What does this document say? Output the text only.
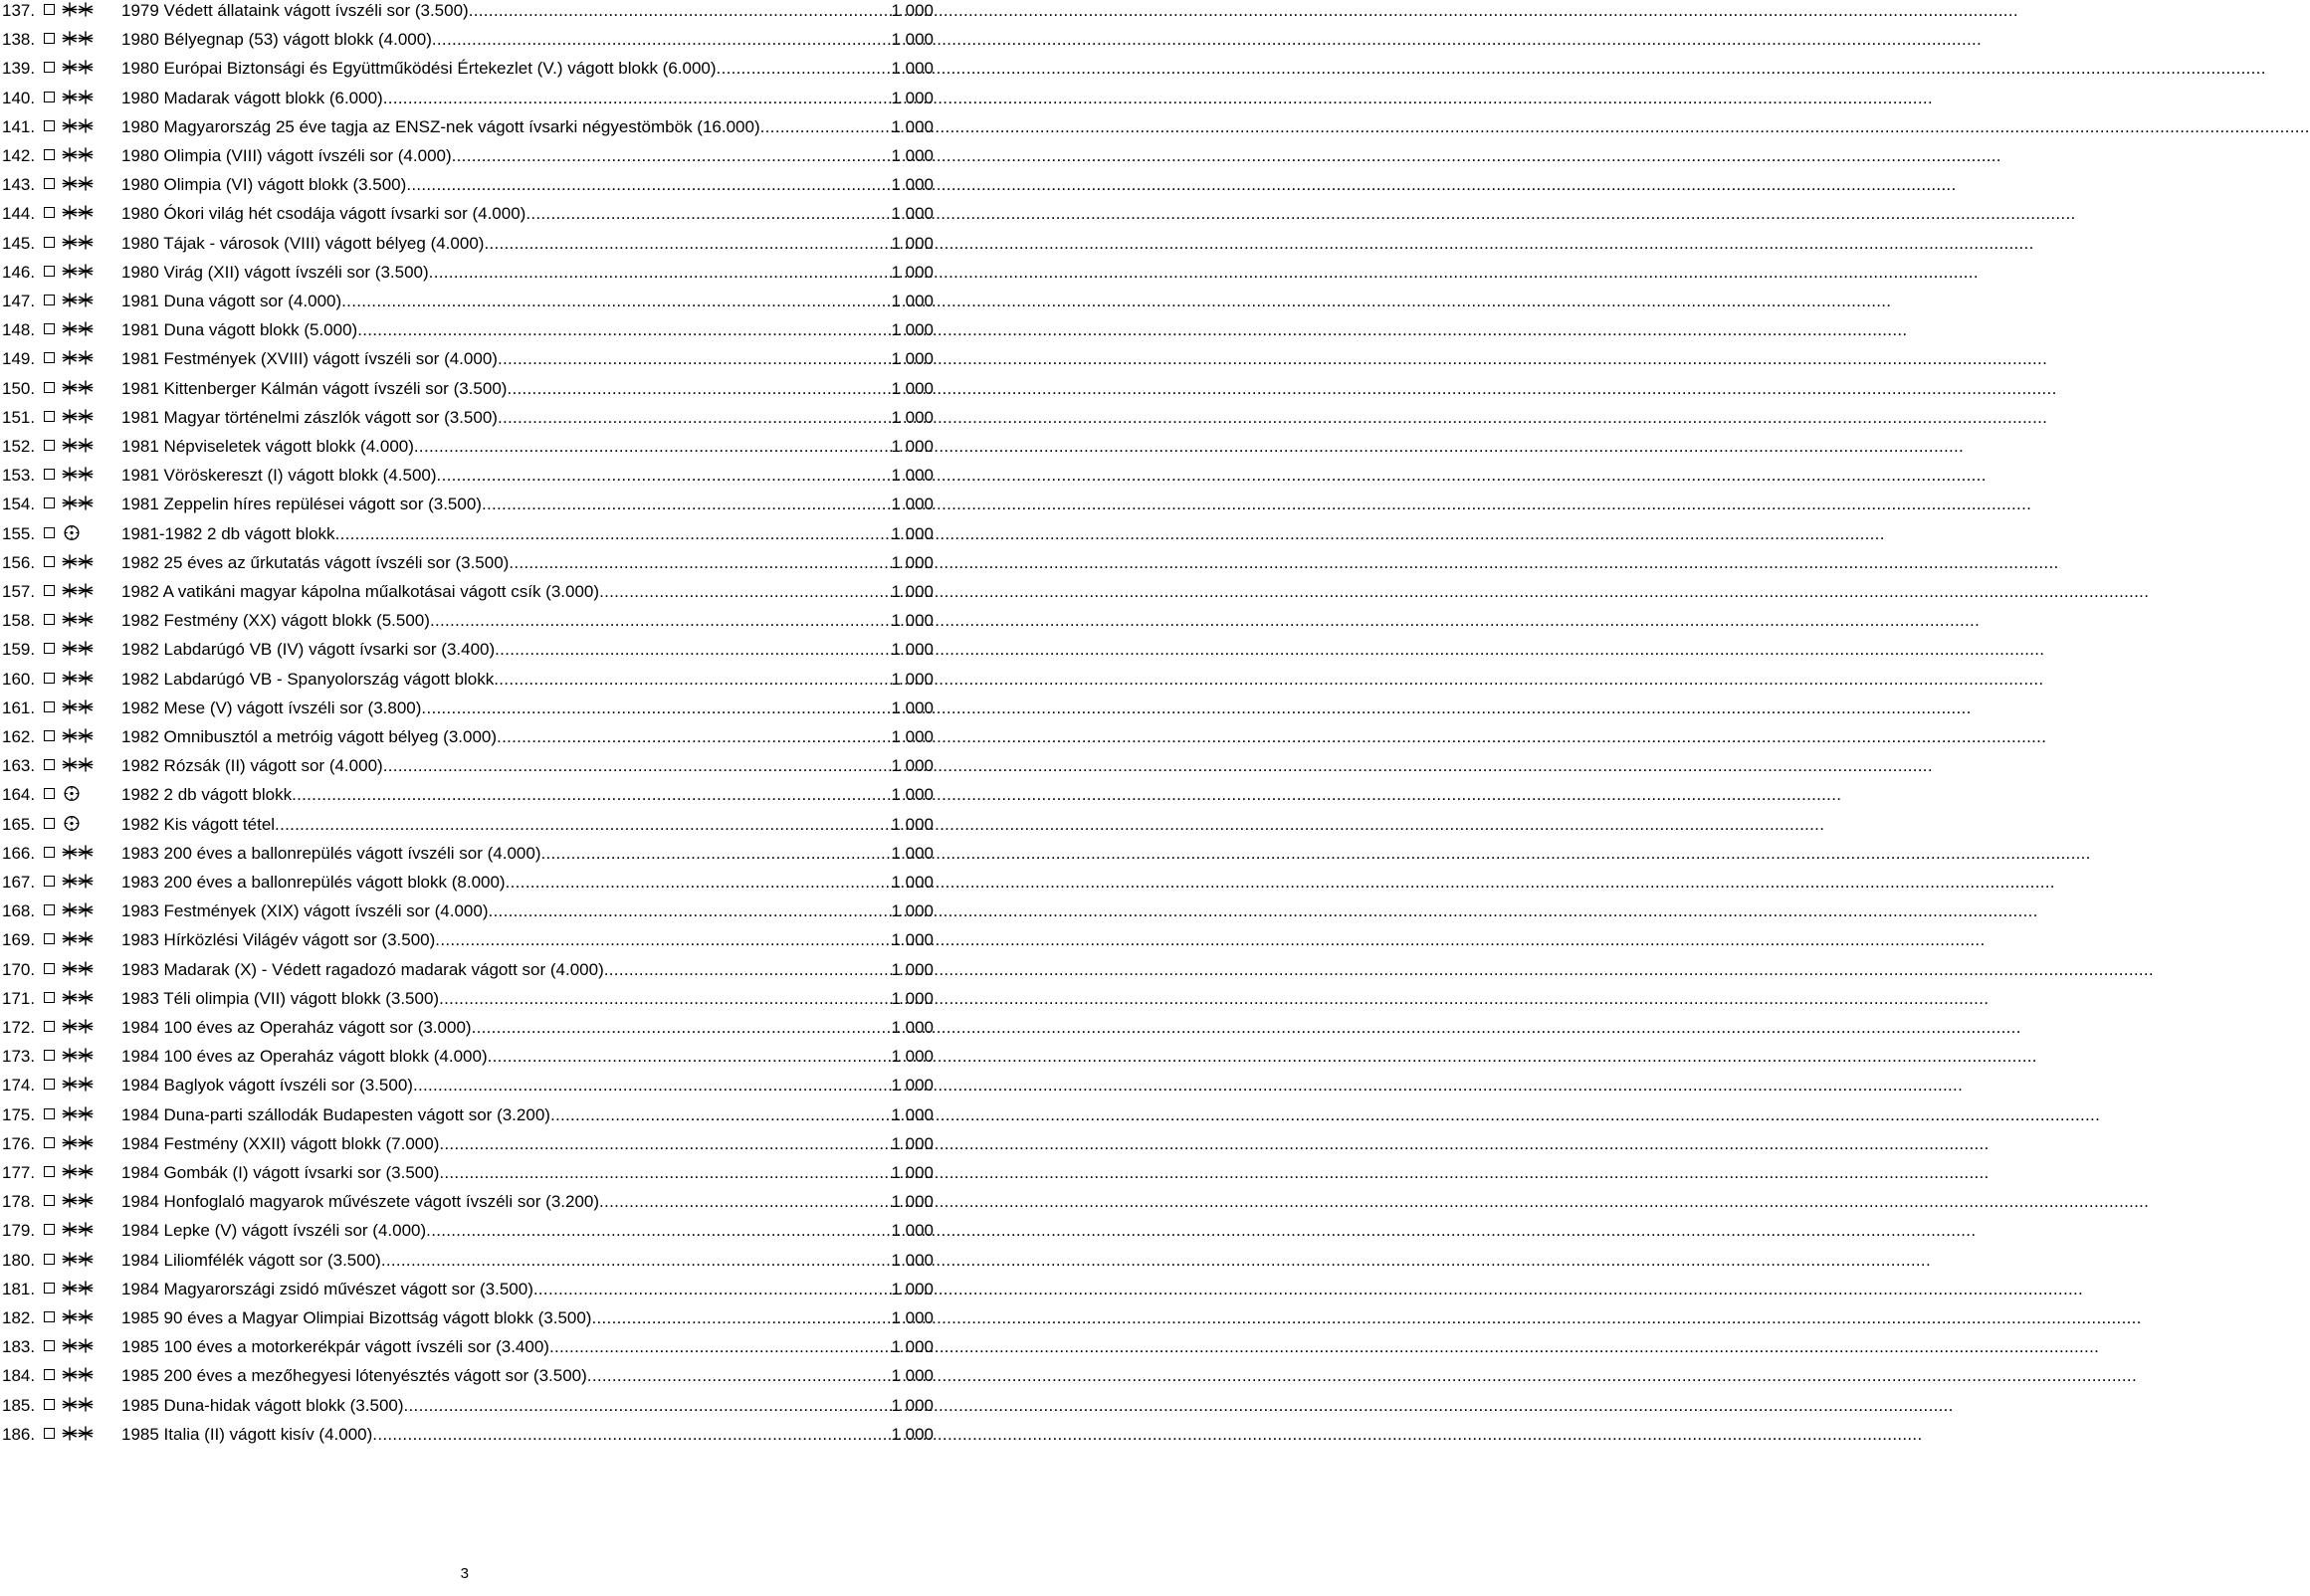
137.	1979 Védett állataink vágott ívszéli sor (3.500) .....	1 000
138.	1980 Bélyegnap (53) vágott blokk (4.000) .....	1 000
139.	1980 Európai Biztonsági és Együttműködési Értekezlet (V.) vágott blokk (6.000) .....	1 000
140.	1980 Madarak vágott blokk (6.000) .....	1 000
141.	1980 Magyarország 25 éve tagja az ENSZ-nek vágott ívsarki négyestömbök (16.000) .....	1 000
142.	1980 Olimpia (VIII) vágott ívszéli sor (4.000) .....	1 000
143.	1980 Olimpia (VI) vágott blokk (3.500) .....	1 000
144.	1980 Ókori világ hét csodája vágott ívsarki sor (4.000) .....	1 000
145.	1980 Tájak - városok (VIII) vágott bélyeg (4.000) .....	1 000
146.	1980 Virág (XII) vágott ívszéli sor (3.500) .....	1 000
147.	1981 Duna vágott sor (4.000) .....	1 000
148.	1981 Duna vágott blokk (5.000) .....	1 000
149.	1981 Festmények (XVIII) vágott ívszéli sor (4.000) .....	1 000
150.	1981 Kittenberger Kálmán vágott ívszéli sor (3.500) .....	1 000
151.	1981 Magyar történelmi zászlók vágott sor (3.500) .....	1 000
152.	1981 Népviseletek vágott blokk (4.000) .....	1 000
153.	1981 Vöröskereszt (I) vágott blokk (4.500) .....	1 000
154.	1981 Zeppelin híres repülései vágott sor (3.500) .....	1 000
155.	1981-1982 2 db vágott blokk .....	1 000
156.	1982 25 éves az űrkutatás vágott ívszéli sor (3.500) .....	1 000
157.	1982 A vatikáni magyar kápolna műalkotásai vágott csík (3.000) .....	1 000
158.	1982 Festmény (XX) vágott blokk (5.500) .....	1 000
159.	1982 Labdarúgó VB (IV) vágott ívsarki sor (3.400) .....	1 000
160.	1982 Labdarúgó VB - Spanyolország vágott blokk .....	1 000
161.	1982 Mese (V) vágott ívszéli sor (3.800) .....	1 000
162.	1982 Omnibusztól a metróig vágott bélyeg (3.000) .....	1 000
163.	1982 Rózsák (II) vágott sor (4.000) .....	1 000
164.	1982 2 db vágott blokk .....	1 000
165.	1982 Kis vágott tétel .....	1 000
166.	1983 200 éves a ballonrepülés vágott ívszéli sor (4.000) .....	1 000
167.	1983 200 éves a ballonrepülés vágott blokk (8.000) .....	1 000
168.	1983 Festmények (XIX) vágott ívszéli sor (4.000) .....	1 000
169.	1983 Hírközlési Világév vágott sor (3.500) .....	1 000
170.	1983 Madarak (X) - Védett ragadozó madarak vágott sor (4.000) .....	1 000
171.	1983 Téli olimpia (VII) vágott blokk (3.500) .....	1 000
172.	1984 100 éves az Operaház vágott sor (3.000) .....	1 000
173.	1984 100 éves az Operaház vágott blokk (4.000) .....	1 000
174.	1984 Baglyok vágott ívszéli sor (3.500) .....	1 000
175.	1984 Duna-parti szállodák Budapesten vágott sor (3.200) .....	1 000
176.	1984 Festmény (XXII) vágott blokk (7.000) .....	1 000
177.	1984 Gombák (I) vágott ívsarki sor (3.500) .....	1 000
178.	1984 Honfoglaló magyarok művészete vágott ívszéli sor (3.200) .....	1 000
179.	1984 Lepke (V) vágott ívszéli sor (4.000) .....	1 000
180.	1984 Liliomfélék vágott sor (3.500) .....	1 000
181.	1984 Magyarországi zsidó művészet vágott sor (3.500) .....	1 000
182.	1985 90 éves a Magyar Olimpiai Bizottság vágott blokk (3.500) .....	1 000
183.	1985 100 éves a motorkerékpár vágott ívszéli sor (3.400) .....	1 000
184.	1985 200 éves a mezőhegyesi lótenyésztés vágott sor (3.500) .....	1 000
185.	1985 Duna-hidak vágott blokk (3.500) .....	1 000
186.	1985 Italia (II) vágott kisív (4.000) .....	1 000
3
